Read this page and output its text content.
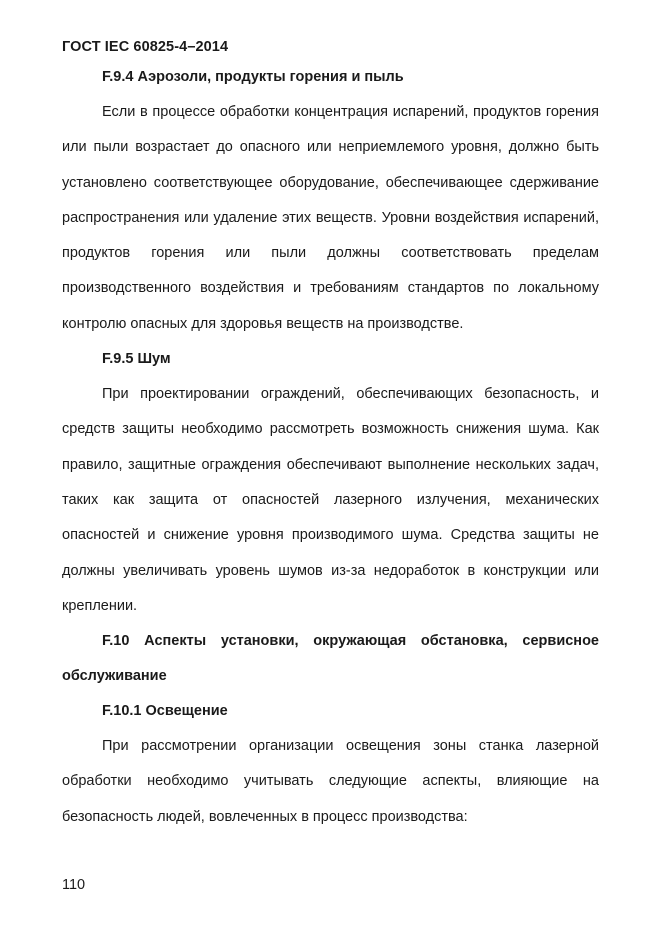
ГОСТ IEC 60825-4–2014

F.9.4 Аэрозоли, продукты горения и пыль

Если в процессе обработки концентрация испарений, продуктов горения или пыли возрастает до опасного или неприемлемого уровня, должно быть установлено соответствующее оборудование, обеспечивающее сдерживание распространения или удаление этих веществ. Уровни воздействия испарений, продуктов горения или пыли должны соответствовать пределам производственного воздействия и требованиям стандартов по локальному контролю опасных для здоровья веществ на производстве.

F.9.5 Шум

При проектировании ограждений, обеспечивающих безопасность, и средств защиты необходимо рассмотреть возможность снижения шума. Как правило, защитные ограждения обеспечивают выполнение нескольких задач, таких как защита от опасностей лазерного излучения, механических опасностей и снижение уровня производимого шума. Средства защиты не должны увеличивать уровень шумов из-за недоработок в конструкции или креплении.

F.10 Аспекты установки, окружающая обстановка, сервисное обслуживание

F.10.1 Освещение

При рассмотрении организации освещения зоны станка лазерной обработки необходимо учитывать следующие аспекты, влияющие на безопасность людей, вовлеченных в процесс производства:

110
